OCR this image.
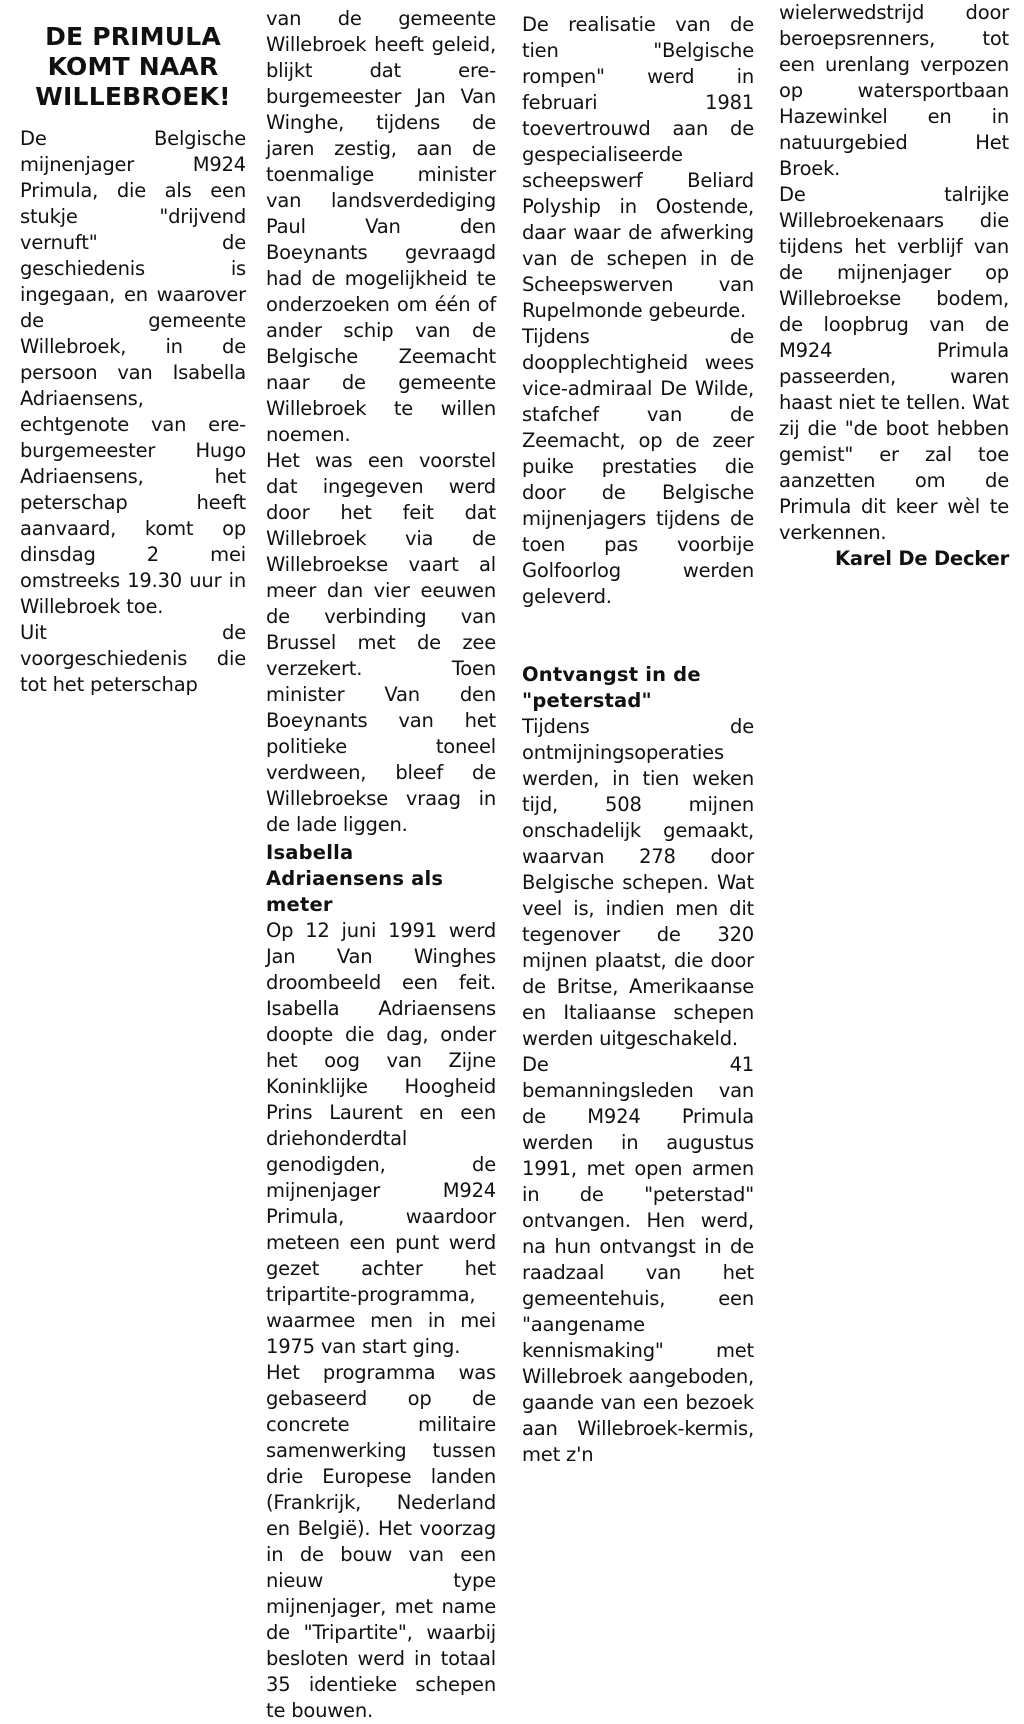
DE PRIMULA KOMT NAAR WILLEBROEK!

De Belgische mijnenjager M924 Primula, die als een stukje "drijvend vernuft" de geschiedenis is ingegaan, en waarover de gemeente Willebroek, in de persoon van Isabella Adriaensens, echtgenote van ere-burgemeester Hugo Adriaensens, het peterschap heeft aanvaard, komt op dinsdag 2 mei omstreeks 19.30 uur in Willebroek toe.

Uit de voorgeschiedenis die tot het peterschap

van de gemeente Willebroek heeft geleid, blijkt dat ere-burgemeester Jan Van Winghe, tijdens de jaren zestig, aan de toenmalige minister van landsverdediging Paul Van den Boeynants gevraagd had de mogelijkheid te onderzoeken om één of ander schip van de Belgische Zeemacht naar de gemeente Willebroek te willen noemen.

Het was een voorstel dat ingegeven werd door het feit dat Willebroek via de Willebroekse vaart al meer dan vier eeuwen de verbinding van Brussel met de zee verzekert. Toen minister Van den Boeynants van het politieke toneel verdween, bleef de Willebroekse vraag in de lade liggen.

Isabella Adriaensens als meter

Op 12 juni 1991 werd Jan Van Winghes droombeeld een feit. Isabella Adriaensens doopte die dag, onder het oog van Zijne Koninklijke Hoogheid Prins Laurent en een driehonderdtal genodigden, de mijnenjager M924 Primula, waardoor meteen een punt werd gezet achter het tripartite-programma, waarmee men in mei 1975 van start ging.

Het programma was gebaseerd op de concrete militaire samenwerking tussen drie Europese landen (Frankrijk, Nederland en België). Het voorzag in de bouw van een nieuw type mijnenjager, met name de "Tripartite", waarbij besloten werd in totaal 35 identieke schepen te bouwen.

De realisatie van de tien "Belgische rompen" werd in februari 1981 toevertrouwd aan de gespecialiseerde scheepswerf Beliard Polyship in Oostende, daar waar de afwerking van de schepen in de Scheepswerven van Rupelmonde gebeurde.

Tijdens de doopplechtigheid wees vice-admiraal De Wilde, stafchef van de Zeemacht, op de zeer puike prestaties die door de Belgische mijnenjagers tijdens de toen pas voorbije Golfoorlog werden geleverd.

Ontvangst in de "peterstad"

Tijdens de ontmijningsoperaties werden, in tien weken tijd, 508 mijnen onschadelijk gemaakt, waarvan 278 door Belgische schepen. Wat veel is, indien men dit tegenover de 320 mijnen plaatst, die door de Britse, Amerikaanse en Italiaanse schepen werden uitgeschakeld.

De 41 bemanningsleden van de M924 Primula werden in augustus 1991, met open armen in de "peterstad" ontvangen. Hen werd, na hun ontvangst in de raadzaal van het gemeentehuis, een "aangename kennismaking" met Willebroek aangeboden, gaande van een bezoek aan Willebroek-kermis, met z'n

wielerwedstrijd door beroepsrenners, tot een urenlang verpozen op watersportbaan Hazewinkel en in natuurgebied Het Broek.

De talrijke Willebroekenaars die tijdens het verblijf van de mijnenjager op Willebroekse bodem, de loopbrug van de M924 Primula passeerden, waren haast niet te tellen. Wat zij die "de boot hebben gemist" er zal toe aanzetten om de Primula dit keer wèl te verkennen.

Karel De Decker
